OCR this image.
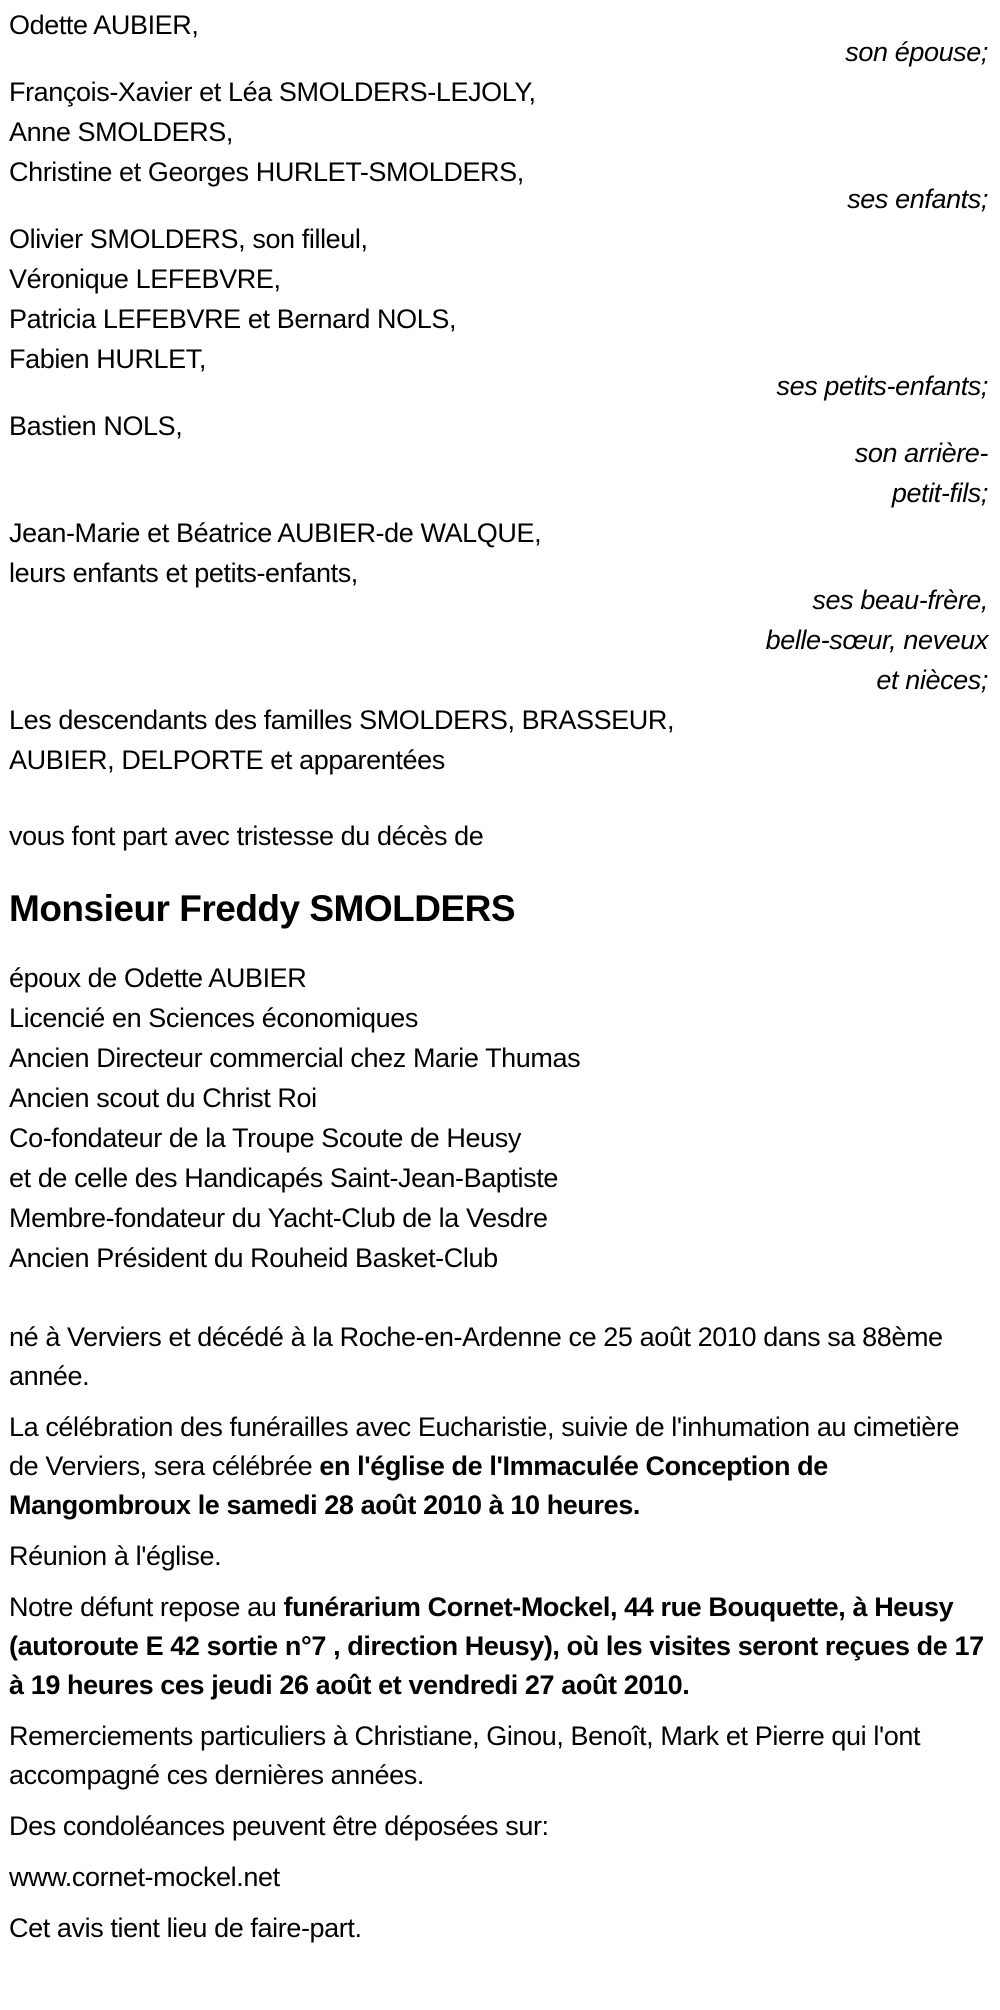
Odette AUBIER,
son épouse;
François-Xavier et Léa SMOLDERS-LEJOLY,
Anne SMOLDERS,
Christine et Georges HURLET-SMOLDERS,
ses enfants;
Olivier SMOLDERS, son filleul,
Véronique LEFEBVRE,
Patricia LEFEBVRE et Bernard NOLS,
Fabien HURLET,
ses petits-enfants;
Bastien NOLS,
son arrière-
petit-fils;
Jean-Marie et Béatrice AUBIER-de WALQUE,
leurs enfants et petits-enfants,
ses beau-frère,
belle-sœur, neveux
et nièces;
Les descendants des familles SMOLDERS, BRASSEUR,
AUBIER, DELPORTE et apparentées

vous font part avec tristesse du décès de

Monsieur Freddy SMOLDERS
époux de Odette AUBIER
Licencié en Sciences économiques
Ancien Directeur commercial chez Marie Thumas
Ancien scout du Christ Roi
Co-fondateur de la Troupe Scoute de Heusy
et de celle des Handicapés Saint-Jean-Baptiste
Membre-fondateur du Yacht-Club de la Vesdre
Ancien Président du Rouheid Basket-Club

né à Verviers et décédé à la Roche-en-Ardenne ce 25 août 2010 dans sa 88ème année.

La célébration des funérailles avec Eucharistie, suivie de l'inhumation au cimetière de Verviers, sera célébrée en l'église de l'Immaculée Conception de Mangombroux le samedi 28 août 2010 à 10 heures.

Réunion à l'église.

Notre défunt repose au funérarium Cornet-Mockel, 44 rue Bouquette, à Heusy (autoroute E 42 sortie n°7 , direction Heusy), où les visites seront reçues de 17 à 19 heures ces jeudi 26 août et vendredi 27 août 2010.

Remerciements particuliers à Christiane, Ginou, Benoît, Mark et Pierre qui l'ont accompagné ces dernières années.

Des condoléances peuvent être déposées sur:

www.cornet-mockel.net

Cet avis tient lieu de faire-part.
